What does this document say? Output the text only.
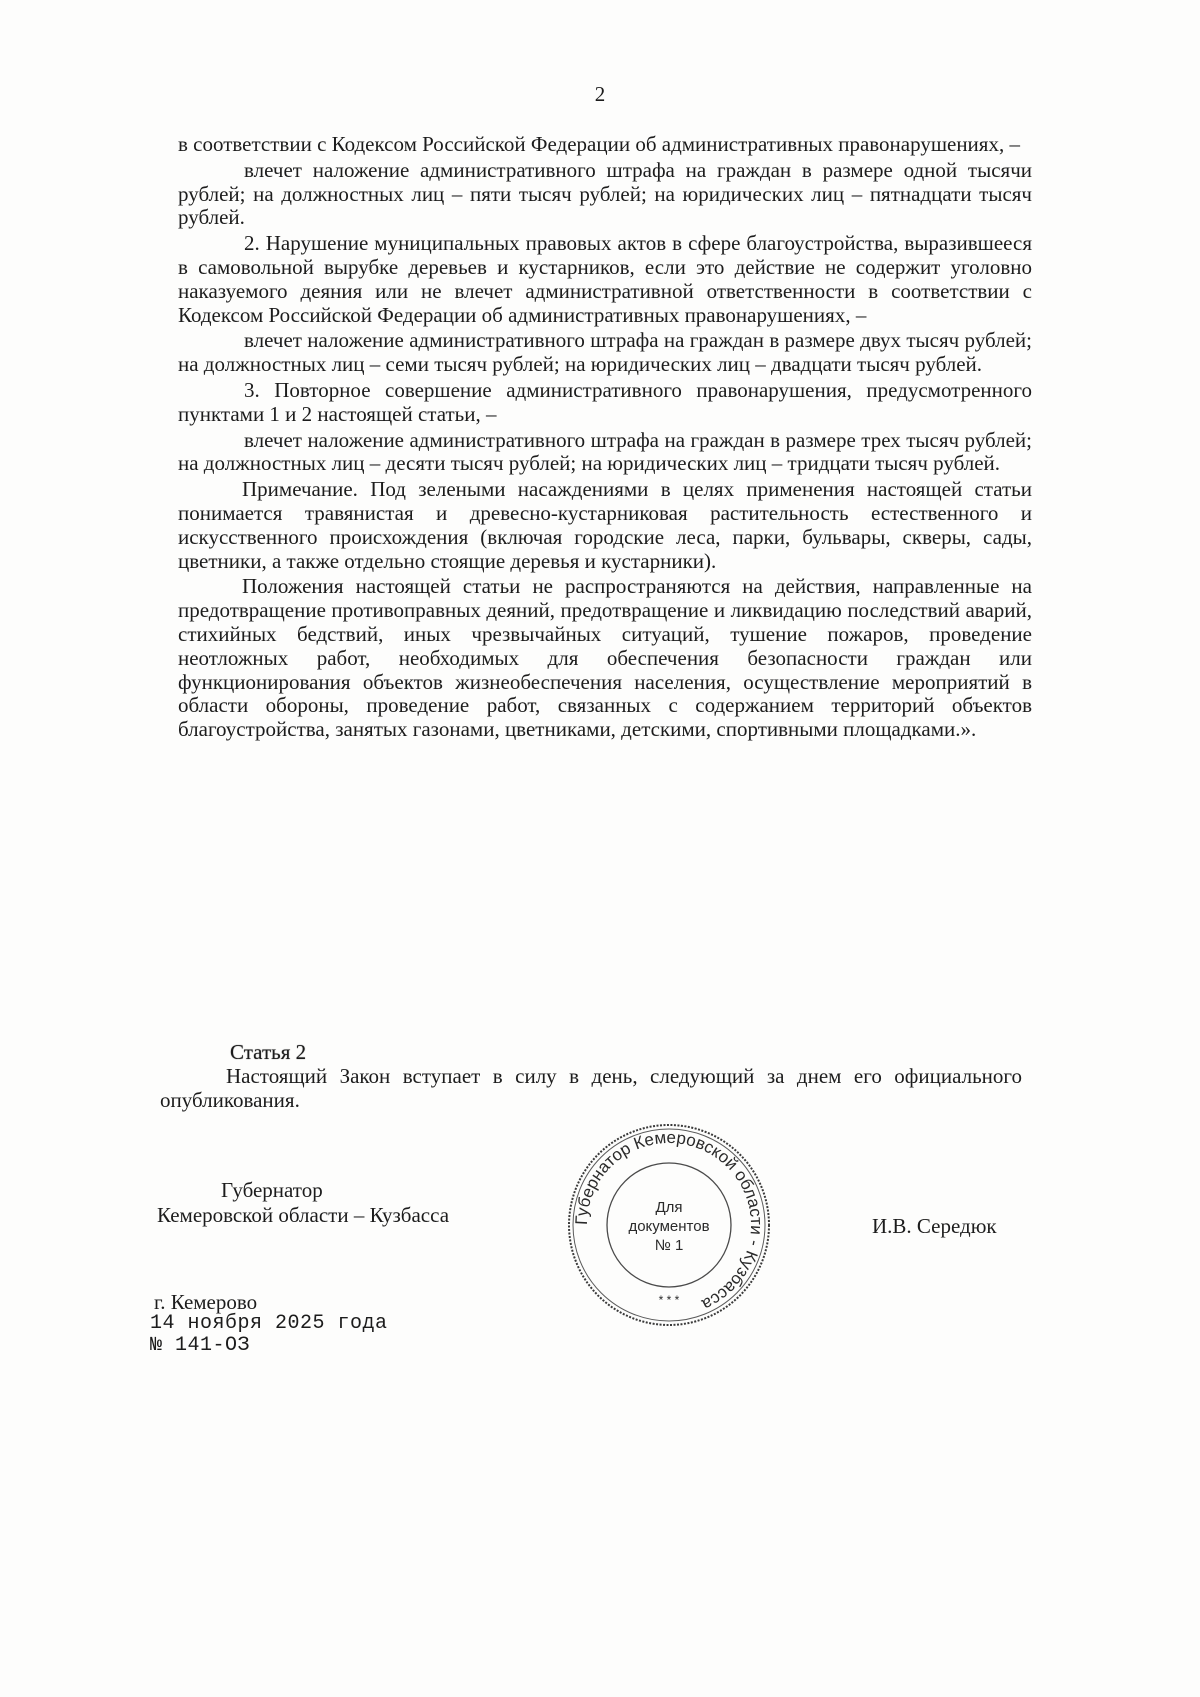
2

в соответствии с Кодексом Российской Федерации об административных правонарушениях, –

влечет наложение административного штрафа на граждан в размере одной тысячи рублей; на должностных лиц – пяти тысяч рублей; на юридических лиц – пятнадцати тысяч рублей.

2. Нарушение муниципальных правовых актов в сфере благоустройства, выразившееся в самовольной вырубке деревьев и кустарников, если это действие не содержит уголовно наказуемого деяния или не влечет административной ответственности в соответствии с Кодексом Российской Федерации об административных правонарушениях, –

влечет наложение административного штрафа на граждан в размере двух тысяч рублей; на должностных лиц – семи тысяч рублей; на юридических лиц – двадцати тысяч рублей.

3. Повторное совершение административного правонарушения, предусмотренного пунктами 1 и 2 настоящей статьи, –

влечет наложение административного штрафа на граждан в размере трех тысяч рублей; на должностных лиц – десяти тысяч рублей; на юридических лиц – тридцати тысяч рублей.

Примечание. Под зелеными насаждениями в целях применения настоящей статьи понимается травянистая и древесно-кустарниковая растительность естественного и искусственного происхождения (включая городские леса, парки, бульвары, скверы, сады, цветники, а также отдельно стоящие деревья и кустарники).

Положения настоящей статьи не распространяются на действия, направленные на предотвращение противоправных деяний, предотвращение и ликвидацию последствий аварий, стихийных бедствий, иных чрезвычайных ситуаций, тушение пожаров, проведение неотложных работ, необходимых для обеспечения безопасности граждан или функционирования объектов жизнеобеспечения населения, осуществление мероприятий в области обороны, проведение работ, связанных с содержанием территорий объектов благоустройства, занятых газонами, цветниками, детскими, спортивными площадками.».

Статья 2

Настоящий Закон вступает в силу в день, следующий за днем его официального опубликования.

Губернатор
Кемеровской области – Кузбасса	И.В. Середюк
Губернатор Кемеровской области - Кузбасса
Для
документов
№ 1
* * *
г. Кемерово
14 ноября 2025 года
№ 141-ОЗ
